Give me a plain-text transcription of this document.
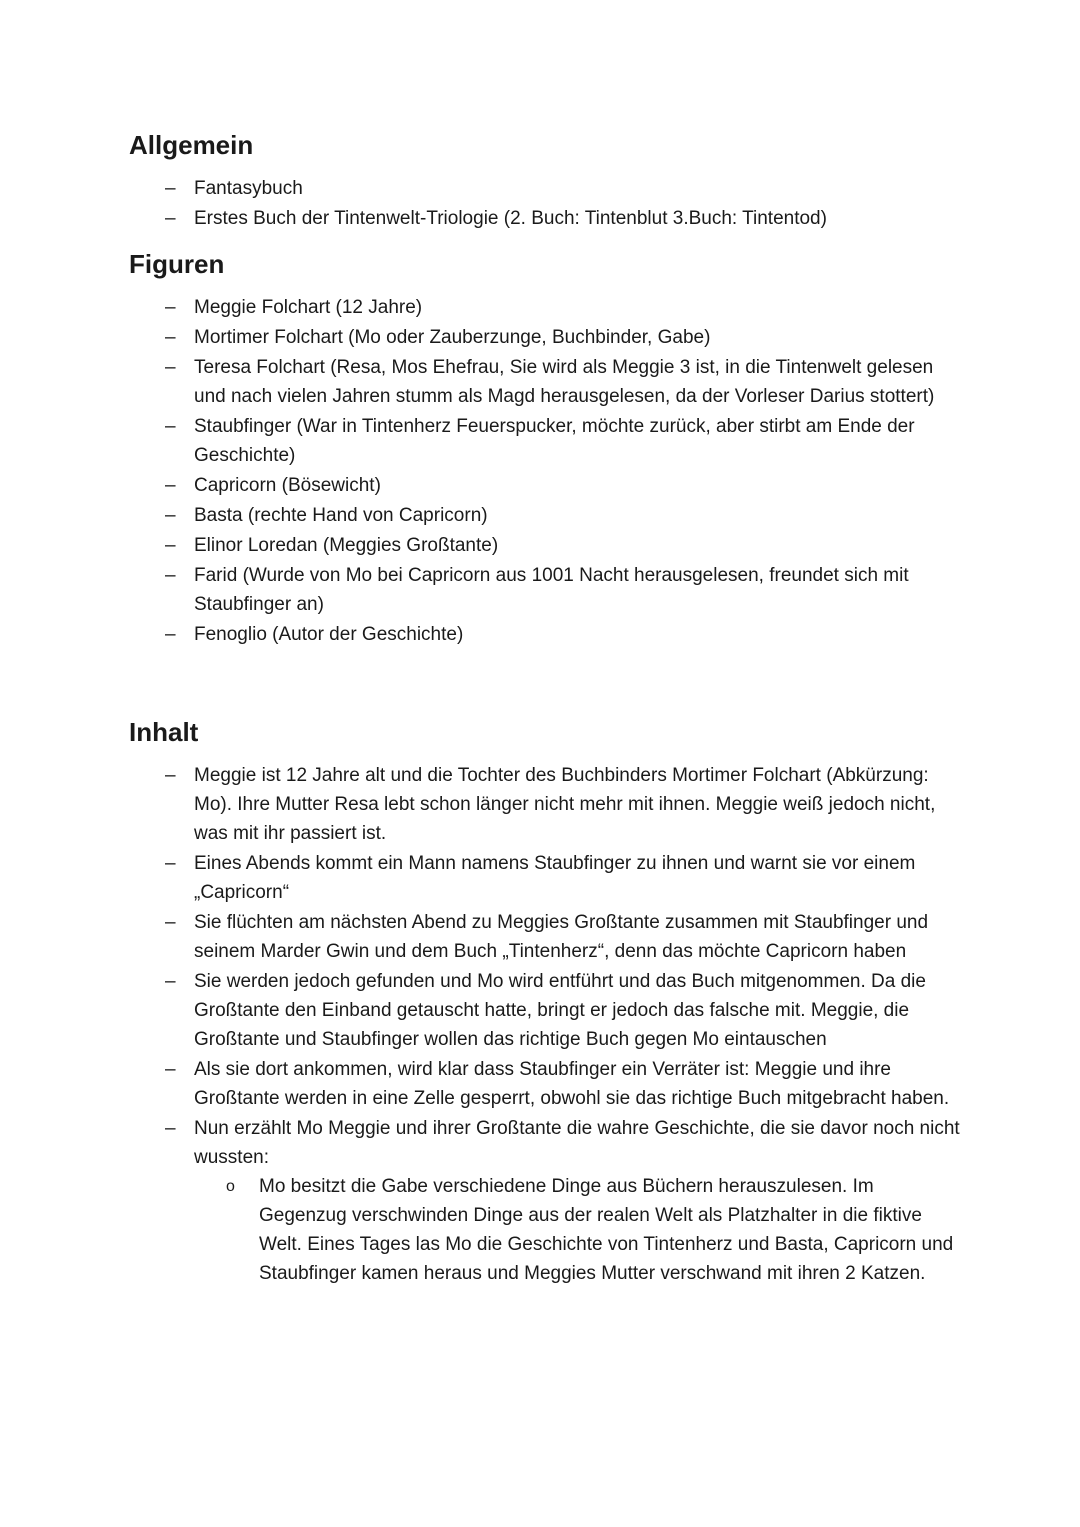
Allgemein
– Fantasybuch
– Erstes Buch der Tintenwelt-Triologie (2. Buch: Tintenblut 3.Buch: Tintentod)
Figuren
– Meggie Folchart (12 Jahre)
– Mortimer Folchart (Mo oder Zauberzunge, Buchbinder, Gabe)
– Teresa Folchart (Resa, Mos Ehefrau, Sie wird als Meggie 3 ist, in die Tintenwelt gelesen und nach vielen Jahren stumm als Magd herausgelesen, da der Vorleser Darius stottert)
– Staubfinger (War in Tintenherz Feuerspucker, möchte zurück, aber stirbt am Ende der Geschichte)
– Capricorn (Bösewicht)
– Basta (rechte Hand von Capricorn)
– Elinor Loredan (Meggies Großtante)
– Farid (Wurde von Mo bei Capricorn aus 1001 Nacht herausgelesen, freundet sich mit Staubfinger an)
– Fenoglio (Autor der Geschichte)
Inhalt
– Meggie ist 12 Jahre alt und die Tochter des Buchbinders Mortimer Folchart (Abkürzung: Mo). Ihre Mutter Resa lebt schon länger nicht mehr mit ihnen. Meggie weiß jedoch nicht, was mit ihr passiert ist.
– Eines Abends kommt ein Mann namens Staubfinger zu ihnen und warnt sie vor einem „Capricorn“
– Sie flüchten am nächsten Abend zu Meggies Großtante zusammen mit Staubfinger und seinem Marder Gwin und dem Buch „Tintenherz“, denn das möchte Capricorn haben
– Sie werden jedoch gefunden und Mo wird entführt und das Buch mitgenommen. Da die Großtante den Einband getauscht hatte, bringt er jedoch das falsche mit. Meggie, die Großtante und Staubfinger wollen das richtige Buch gegen Mo eintauschen
– Als sie dort ankommen, wird klar dass Staubfinger ein Verräter ist: Meggie und ihre Großtante werden in eine Zelle gesperrt, obwohl sie das richtige Buch mitgebracht haben.
– Nun erzählt Mo Meggie und ihrer Großtante die wahre Geschichte, die sie davor noch nicht wussten:
o Mo besitzt die Gabe verschiedene Dinge aus Büchern herauszulesen. Im Gegenzug verschwinden Dinge aus der realen Welt als Platzhalter in die fiktive Welt. Eines Tages las Mo die Geschichte von Tintenherz und Basta, Capricorn und Staubfinger kamen heraus und Meggies Mutter verschwand mit ihren 2 Katzen.
